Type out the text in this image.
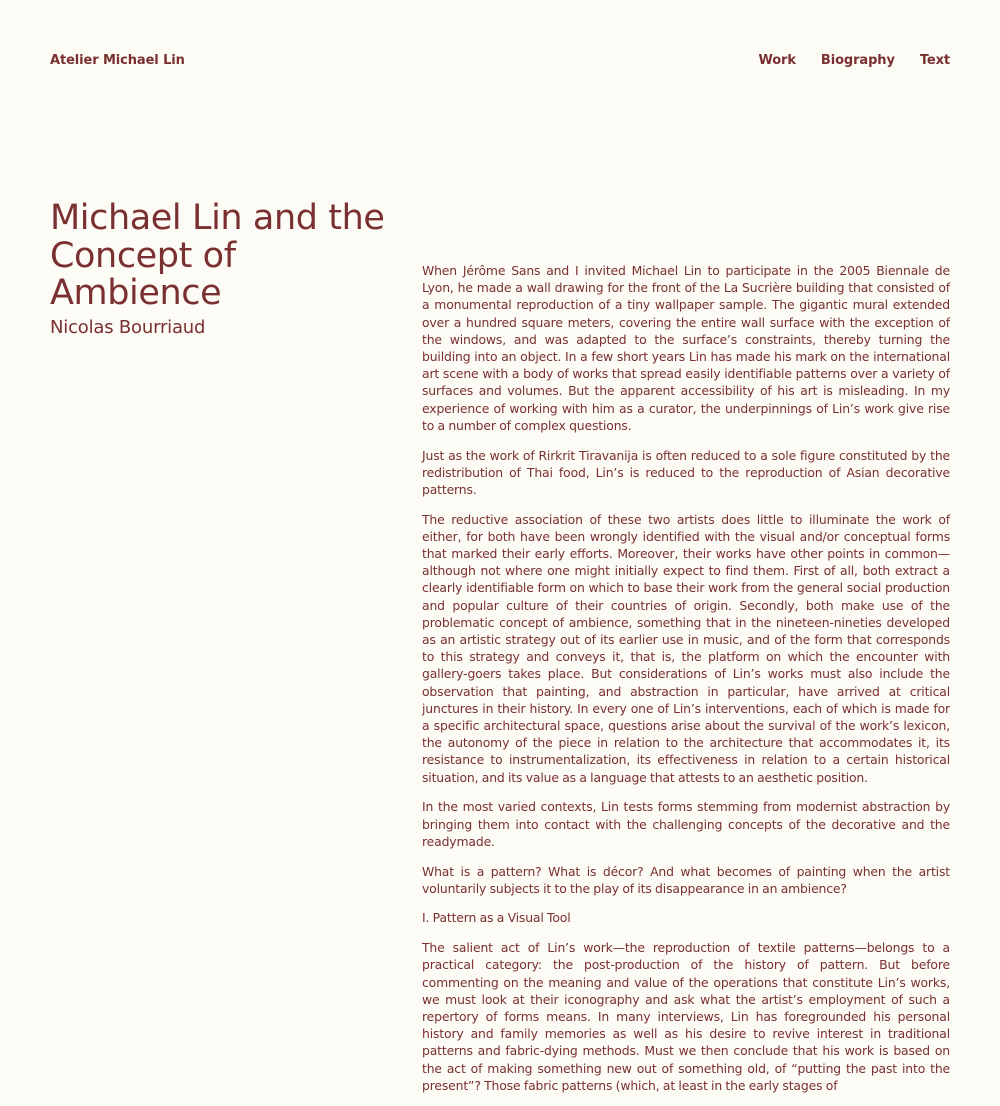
Atelier Michael Lin	Work Biography Text
Michael Lin and the Concept of Ambience
Nicolas Bourriaud

When Jérôme Sans and I invited Michael Lin to participate in the 2005 Biennale de Lyon, he made a wall drawing for the front of the La Sucrière building that consisted of a monumental reproduction of a tiny wallpaper sample. The gigantic mural extended over a hundred square meters, covering the entire wall surface with the exception of the windows, and was adapted to the surface’s constraints, thereby turning the building into an object. In a few short years Lin has made his mark on the international art scene with a body of works that spread easily identifiable patterns over a variety of surfaces and volumes. But the apparent accessibility of his art is misleading. In my experience of working with him as a curator, the underpinnings of Lin’s work give rise to a number of complex questions.

Just as the work of Rirkrit Tiravanija is often reduced to a sole figure constituted by the redistribution of Thai food, Lin’s is reduced to the reproduction of Asian decorative patterns.

The reductive association of these two artists does little to illuminate the work of either, for both have been wrongly identified with the visual and/or conceptual forms that marked their early efforts. Moreover, their works have other points in common—although not where one might initially expect to find them. First of all, both extract a clearly identifiable form on which to base their work from the general social production and popular culture of their countries of origin. Secondly, both make use of the problematic concept of ambience, something that in the nineteen-nineties developed as an artistic strategy out of its earlier use in music, and of the form that corresponds to this strategy and conveys it, that is, the platform on which the encounter with gallery-goers takes place. But considerations of Lin’s works must also include the observation that painting, and abstraction in particular, have arrived at critical junctures in their history. In every one of Lin’s interventions, each of which is made for a specific architectural space, questions arise about the survival of the work’s lexicon, the autonomy of the piece in relation to the architecture that accommodates it, its resistance to instrumentalization, its effectiveness in relation to a certain historical situation, and its value as a language that attests to an aesthetic position.

In the most varied contexts, Lin tests forms stemming from modernist abstraction by bringing them into contact with the challenging concepts of the decorative and the readymade.

What is a pattern? What is décor? And what becomes of painting when the artist voluntarily subjects it to the play of its disappearance in an ambience?

I. Pattern as a Visual Tool

The salient act of Lin’s work—the reproduction of textile patterns—belongs to a practical category: the post-production of the history of pattern. But before commenting on the meaning and value of the operations that constitute Lin’s works, we must look at their iconography and ask what the artist’s employment of such a repertory of forms means. In many interviews, Lin has foregrounded his personal history and family memories as well as his desire to revive interest in traditional patterns and fabric-dying methods. Must we then conclude that his work is based on the act of making something new out of something old, of “putting the past into the present”? Those fabric patterns (which, at least in the early stages of
